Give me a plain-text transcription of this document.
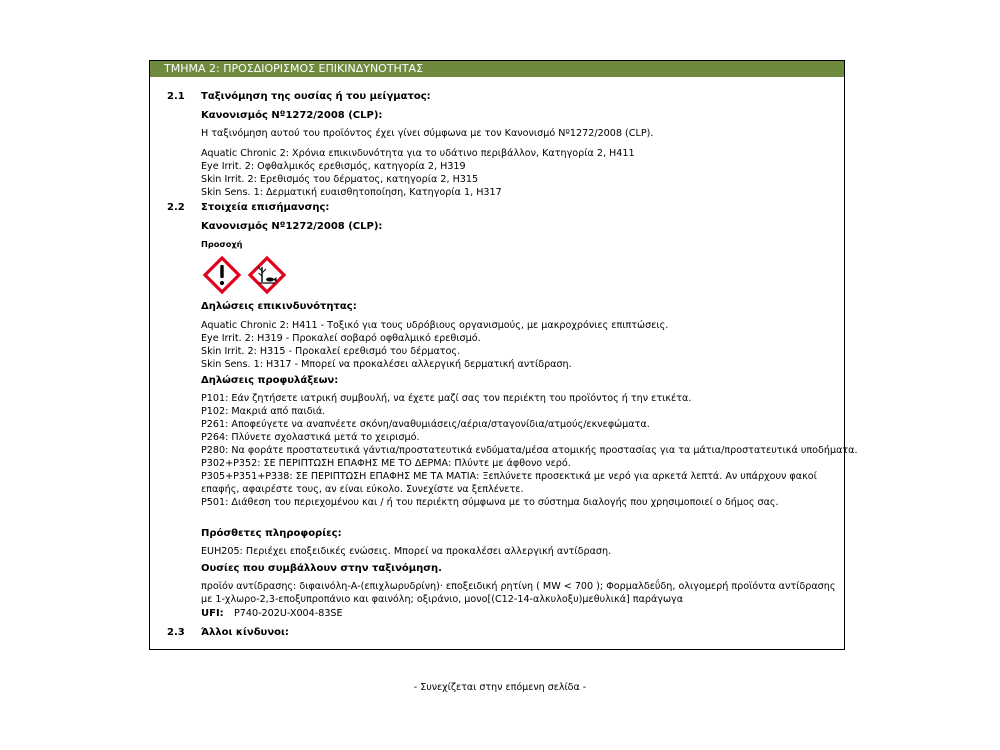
ΤΜΗΜΑ 2: ΠΡΟΣΔΙΟΡΙΣΜΟΣ ΕΠΙΚΙΝΔΥΝΟΤΗΤΑΣ
2.1 Ταξινόμηση της ουσίας ή του μείγματος:
Κανονισμός Nº1272/2008 (CLP):
Η ταξινόμηση αυτού του προϊόντος έχει γίνει σύμφωνα με τον Κανονισμό Nº1272/2008 (CLP).
Aquatic Chronic 2: Χρόνια επικινδυνότητα για το υδάτινο περιβάλλον, Κατηγορία 2, H411
Eye Irrit. 2: Οφθαλμικός ερεθισμός, κατηγορία 2, H319
Skin Irrit. 2: Ερεθισμός του δέρματος, κατηγορία 2, H315
Skin Sens. 1: Δερματική ευαισθητοποίηση, Κατηγορία 1, H317
2.2 Στοιχεία επισήμανσης:
Κανονισμός Nº1272/2008 (CLP):
Προσοχή
Δηλώσεις επικινδυνότητας:
Aquatic Chronic 2: H411 - Τοξικό για τους υδρόβιους οργανισμούς, με μακροχρόνιες επιπτώσεις.
Eye Irrit. 2: H319 - Προκαλεί σοβαρό οφθαλμικό ερεθισμό.
Skin Irrit. 2: H315 - Προκαλεί ερεθισμό του δέρματος.
Skin Sens. 1: H317 - Μπορεί να προκαλέσει αλλεργική δερματική αντίδραση.
Δηλώσεις προφυλάξεων:
P101: Εάν ζητήσετε ιατρική συμβουλή, να έχετε μαζί σας τον περιέκτη του προϊόντος ή την ετικέτα.
P102: Μακριά από παιδιά.
P261: Αποφεύγετε να αναπνέετε σκόνη/αναθυμιάσεις/αέρια/σταγονίδια/ατμούς/εκνεφώματα.
P264: Πλύνετε σχολαστικά μετά το χειρισμό.
P280: Να φοράτε προστατευτικά γάντια/προστατευτικά ενδύματα/μέσα ατομικής προστασίας για τα μάτια/προστατευτικά υποδήματα.
P302+P352: ΣΕ ΠΕΡΙΠΤΩΣΗ ΕΠΑΦΗΣ ΜΕ ΤΟ ΔΕΡΜΑ: Πλύντε με άφθονο νερό.
P305+P351+P338: ΣΕ ΠΕΡΙΠΤΩΣΗ ΕΠΑΦΗΣ ΜΕ ΤΑ ΜΑΤΙΑ: Ξεπλύνετε προσεκτικά με νερό για αρκετά λεπτά. Αν υπάρχουν φακοί
επαφής, αφαιρέστε τους, αν είναι εύκολο. Συνεχίστε να ξεπλένετε.
P501: Διάθεση του περιεχομένου και / ή του περιέκτη σύμφωνα με το σύστημα διαλογής που χρησιμοποιεί ο δήμος σας.
Πρόσθετες πληροφορίες:
EUH205: Περιέχει εποξειδικές ενώσεις. Μπορεί να προκαλέσει αλλεργική αντίδραση.
Ουσίες που συμβάλλουν στην ταξινόμηση.
προϊόν αντίδρασης: διφαινόλη-A-(επιχλωρυδρίνη)· εποξειδική ρητίνη ( MW < 700 ); Φορμαλδεΰδη, ολιγομερή προϊόντα αντίδρασης
με 1-χλωρο-2,3-εποξυπροπάνιο και φαινόλη; οξιράνιο, μονο[(C12-14-αλκυλοξυ)μεθυλικά] παράγωγα
UFI: P740-202U-X004-83SE
2.3 Άλλοι κίνδυνοι:
- Συνεχίζεται στην επόμενη σελίδα -
